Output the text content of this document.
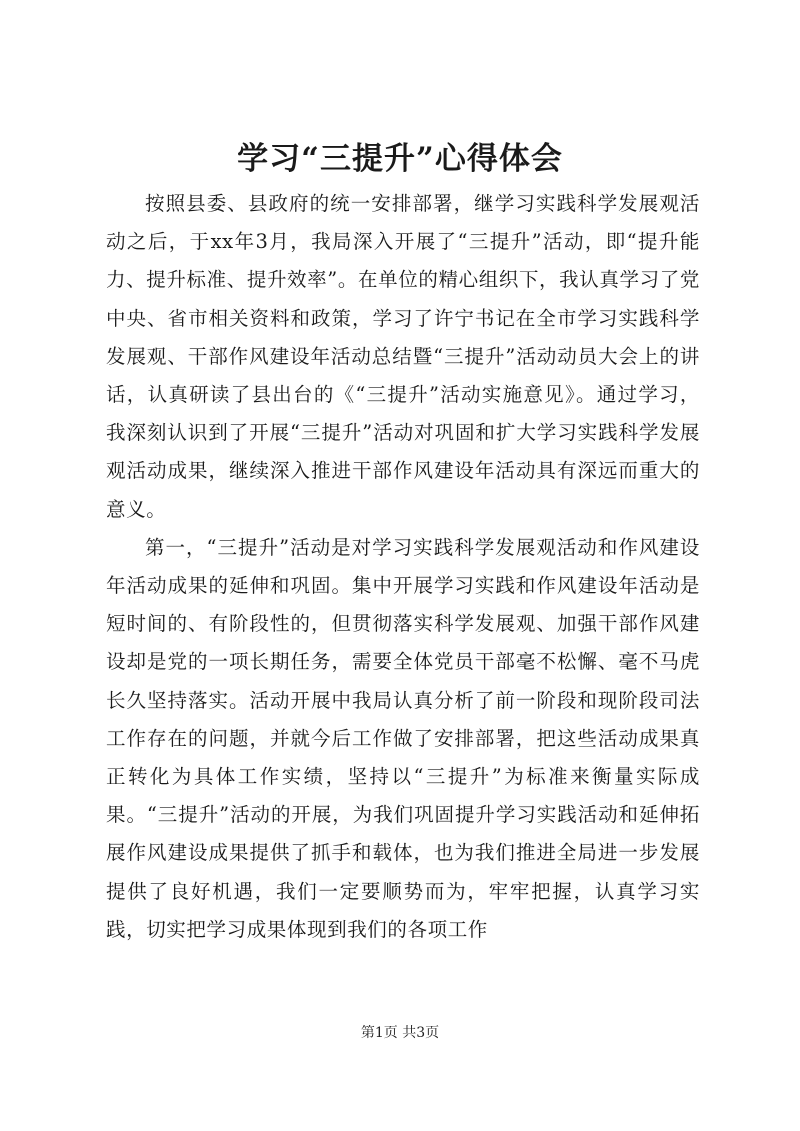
学习“三提升”心得体会

按照县委、县政府的统一安排部署，继学习实践科学发展观活动之后，于xx年3月，我局深入开展了“三提升”活动，即“提升能力、提升标准、提升效率”。在单位的精心组织下，我认真学习了党中央、省市相关资料和政策，学习了许宁书记在全市学习实践科学发展观、干部作风建设年活动总结暨“三提升”活动动员大会上的讲话，认真研读了县出台的《“三提升”活动实施意见》。通过学习，我深刻认识到了开展“三提升”活动对巩固和扩大学习实践科学发展观活动成果，继续深入推进干部作风建设年活动具有深远而重大的意义。

第一，“三提升”活动是对学习实践科学发展观活动和作风建设年活动成果的延伸和巩固。集中开展学习实践和作风建设年活动是短时间的、有阶段性的，但贯彻落实科学发展观、加强干部作风建设却是党的一项长期任务，需要全体党员干部毫不松懈、毫不马虎长久坚持落实。活动开展中我局认真分析了前一阶段和现阶段司法工作存在的问题，并就今后工作做了安排部署，把这些活动成果真正转化为具体工作实绩，坚持以“三提升”为标准来衡量实际成果。“三提升”活动的开展，为我们巩固提升学习实践活动和延伸拓展作风建设成果提供了抓手和载体，也为我们推进全局进一步发展提供了良好机遇，我们一定要顺势而为，牢牢把握，认真学习实践，切实把学习成果体现到我们的各项工作

第1页 共3页
